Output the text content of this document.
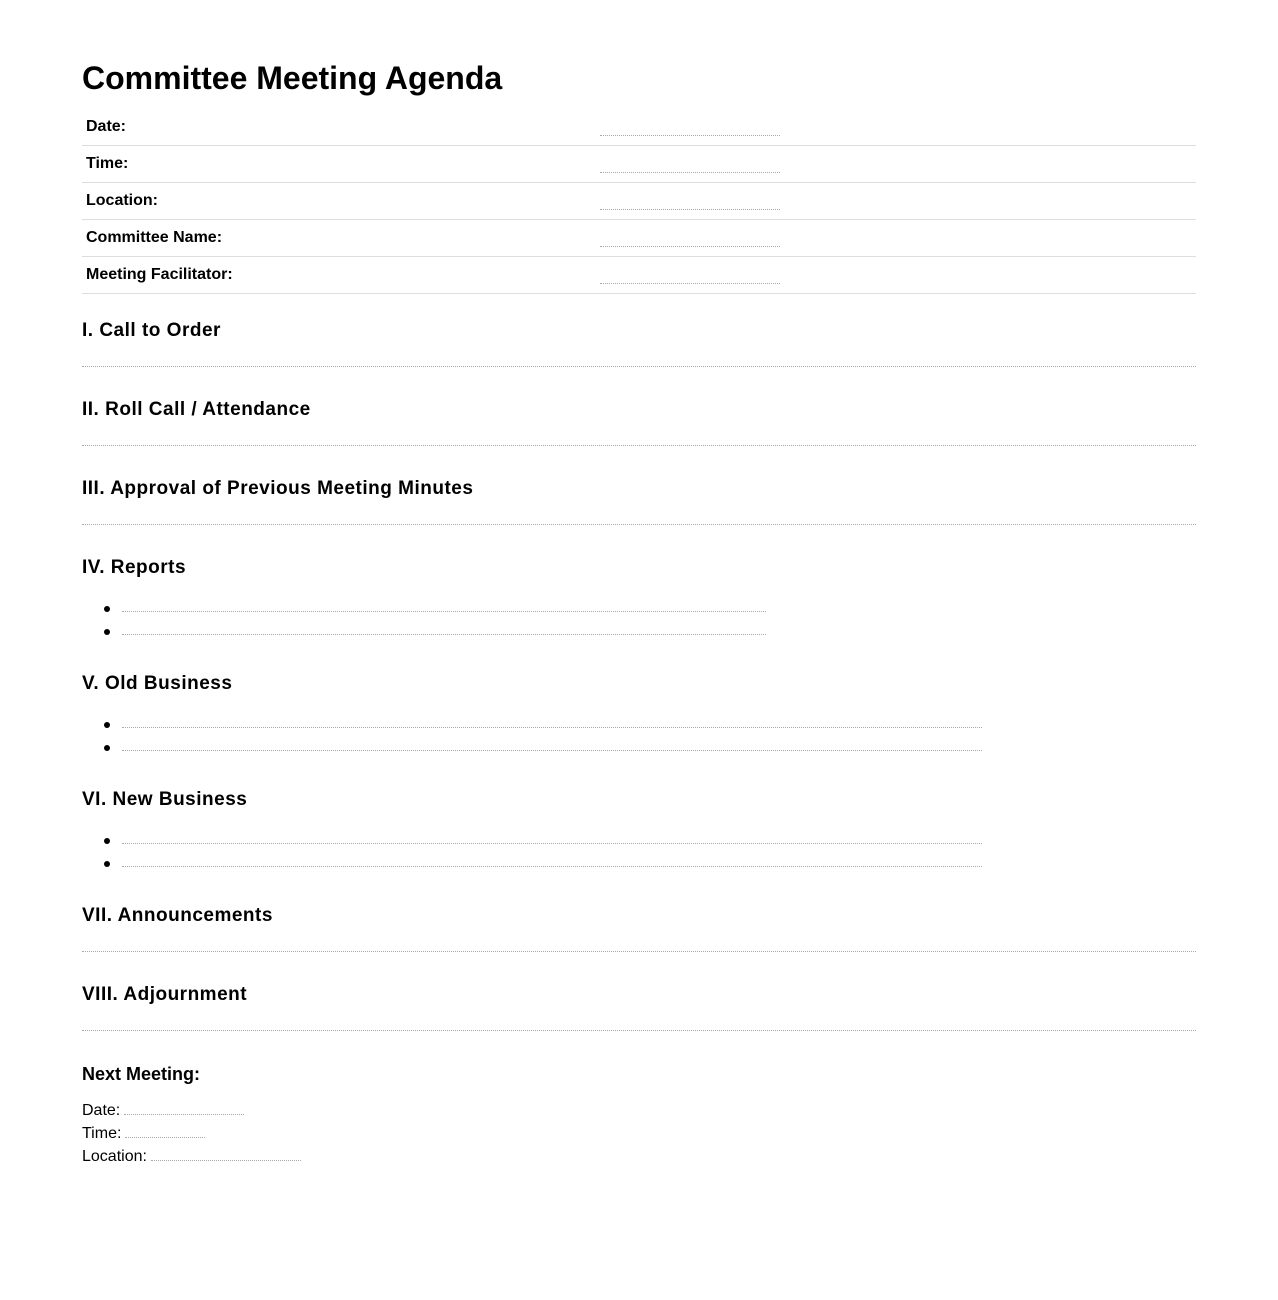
Committee Meeting Agenda
Date:
Time:
Location:
Committee Name:
Meeting Facilitator:
I. Call to Order
II. Roll Call / Attendance
III. Approval of Previous Meeting Minutes
IV. Reports
V. Old Business
VI. New Business
VII. Announcements
VIII. Adjournment
Next Meeting:
Date:
Time:
Location:
